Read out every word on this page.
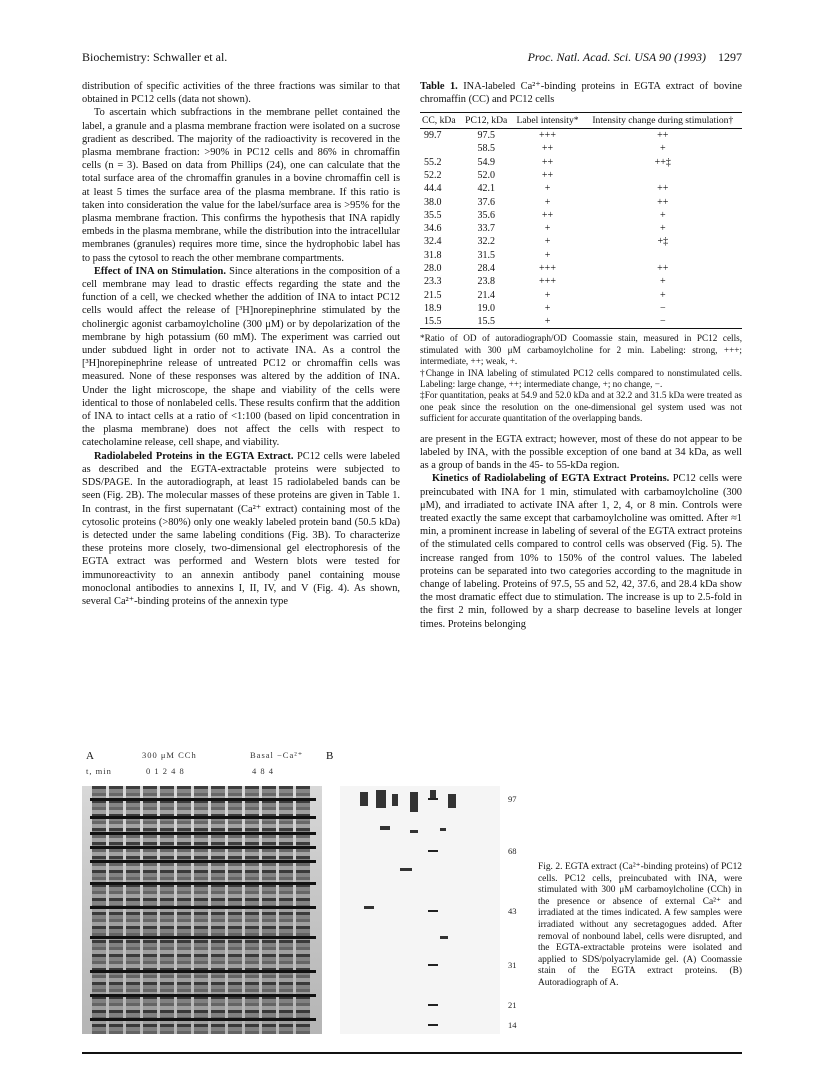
Biochemistry: Schwaller et al.	Proc. Natl. Acad. Sci. USA 90 (1993) 1297

distribution of specific activities of the three fractions was similar to that obtained in PC12 cells (data not shown).

To ascertain which subfractions in the membrane pellet contained the label, a granule and a plasma membrane fraction were isolated on a sucrose gradient as described. The majority of the radioactivity is recovered in the plasma membrane fraction: >90% in PC12 cells and 86% in chromaffin cells (n = 3). Based on data from Phillips (24), one can calculate that the total surface area of the chromaffin granules in a bovine chromaffin cell is at least 5 times the surface area of the plasma membrane. If this ratio is taken into consideration the value for the label/surface area is >95% for the plasma membrane fraction. This confirms the hypothesis that INA rapidly embeds in the plasma membrane, while the distribution into the intracellular membranes (granules) requires more time, since the hydrophobic label has to pass the cytosol to reach the other membrane compartments.

Effect of INA on Stimulation. Since alterations in the composition of a cell membrane may lead to drastic effects regarding the state and the function of a cell, we checked whether the addition of INA to intact PC12 cells would affect the release of [³H]norepinephrine stimulated by the cholinergic agonist carbamoylcholine (300 μM) or by depolarization of the membrane by high potassium (60 mM). The experiment was carried out under subdued light in order not to activate INA. As a control the [³H]norepinephrine release of untreated PC12 or chromaffin cells was measured. None of these responses was altered by the addition of INA. Under the light microscope, the shape and viability of the cells were identical to those of nonlabeled cells. These results confirm that the addition of INA to intact cells at a ratio of <1:100 (based on lipid concentration in the plasma membrane) does not affect the cells with respect to catecholamine release, cell shape, and viability.

Radiolabeled Proteins in the EGTA Extract. PC12 cells were labeled as described and the EGTA-extractable proteins were subjected to SDS/PAGE. In the autoradiograph, at least 15 radiolabeled bands can be seen (Fig. 2B). The molecular masses of these proteins are given in Table 1. In contrast, in the first supernatant (Ca²⁺ extract) containing most of the cytosolic proteins (>80%) only one weakly labeled protein band (50.5 kDa) is detected under the same labeling conditions (Fig. 3B). To characterize these proteins more closely, two-dimensional gel electrophoresis of the EGTA extract was performed and Western blots were tested for immunoreactivity to an annexin antibody panel containing mouse monoclonal antibodies to annexins I, II, IV, and V (Fig. 4). As shown, several Ca²⁺-binding proteins of the annexin type

Table 1. INA-labeled Ca²⁺-binding proteins in EGTA extract of bovine chromaffin (CC) and PC12 cells
CC, kDa	PC12, kDa	Label intensity*	Intensity change during stimulation†
99.7	97.5	+++	++
	58.5	++	+
55.2	54.9	++	++‡
52.2	52.0	++	
44.4	42.1	+	++
38.0	37.6	+	++
35.5	35.6	++	+
34.6	33.7	+	+
32.4	32.2	+	+‡
31.8	31.5	+	
28.0	28.4	+++	++
23.3	23.8	+++	+
21.5	21.4	+	+
18.9	19.0	+	−
15.5	15.5	+	−

*Ratio of OD of autoradiograph/OD Coomassie stain, measured in PC12 cells, stimulated with 300 μM carbamoylcholine for 2 min. Labeling: strong, +++; intermediate, ++; weak, +.

†Change in INA labeling of stimulated PC12 cells compared to nonstimulated cells. Labeling: large change, ++; intermediate change, +; no change, −.

‡For quantitation, peaks at 54.9 and 52.0 kDa and at 32.2 and 31.5 kDa were treated as one peak since the resolution on the one-dimensional gel system used was not sufficient for accurate quantitation of the overlapping bands.

are present in the EGTA extract; however, most of these do not appear to be labeled by INA, with the possible exception of one band at 34 kDa, as well as a group of bands in the 45- to 55-kDa region.

Kinetics of Radiolabeling of EGTA Extract Proteins. PC12 cells were preincubated with INA for 1 min, stimulated with carbamoylcholine (300 μM), and irradiated to activate INA after 1, 2, 4, or 8 min. Controls were treated exactly the same except that carbamoylcholine was omitted. After ≈1 min, a prominent increase in labeling of several of the EGTA extract proteins of the stimulated cells compared to control cells was observed (Fig. 5). The increase ranged from 10% to 150% of the control values. The labeled proteins can be separated into two categories according to the magnitude in change of labeling. Proteins of 97.5, 55 and 52, 42, 37.6, and 28.4 kDa show the most dramatic effect due to stimulation. The increase is up to 2.5-fold in the first 2 min, followed by a sharp decrease to baseline levels at longer times. Proteins belonging

A	300 μM CCh	Basal −Ca²⁺ B
t, min	0 1 2 4 8	4 8 4
97
68
43
31
21
14
Fig. 2. EGTA extract (Ca²⁺-binding proteins) of PC12 cells. PC12 cells, preincubated with INA, were stimulated with 300 μM carbamoylcholine (CCh) in the presence or absence of external Ca²⁺ and irradiated at the times indicated. A few samples were irradiated without any secretagogues added. After removal of nonbound label, cells were disrupted, and the EGTA-extractable proteins were isolated and applied to SDS/polyacrylamide gel. (A) Coomassie stain of the EGTA extract proteins. (B) Autoradiograph of A.
